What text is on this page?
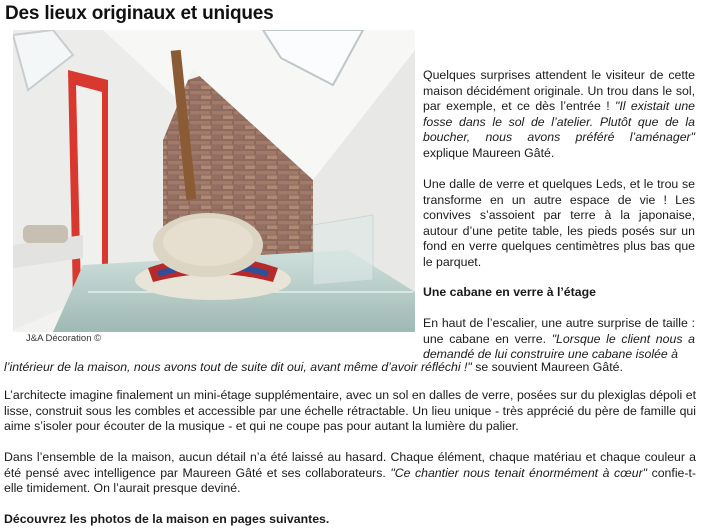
Des lieux originaux et uniques
J&A Décoration ©

Quelques surprises attendent le visiteur de cette maison décidément originale. Un trou dans le sol, par exemple, et ce dès l’entrée ! "Il existait une fosse dans le sol de l’atelier. Plutôt que de la boucher, nous avons préféré l’aménager" explique Maureen Gâté.

Une dalle de verre et quelques Leds, et le trou se transforme en un autre espace de vie ! Les convives s’assoient par terre à la japonaise, autour d’une petite table, les pieds posés sur un fond en verre quelques centimètres plus bas que le parquet.

Une cabane en verre à l’étage

En haut de l’escalier, une autre surprise de taille : une cabane en verre. "Lorsque le client nous a demandé de lui construire une cabane isolée à

l’intérieur de la maison, nous avons tout de suite dit oui, avant même d’avoir réfléchi !" se souvient Maureen Gâté.

L’architecte imagine finalement un mini-étage supplémentaire, avec un sol en dalles de verre, posées sur du plexiglas dépoli et lisse, construit sous les combles et accessible par une échelle rétractable. Un lieu unique - très apprécié du père de famille qui aime s’isoler pour écouter de la musique - et qui ne coupe pas pour autant la lumière du palier.

Dans l’ensemble de la maison, aucun détail n’a été laissé au hasard. Chaque élément, chaque matériau et chaque couleur a été pensé avec intelligence par Maureen Gâté et ses collaborateurs. "Ce chantier nous tenait énormément à cœur" confie-t-elle timidement. On l’aurait presque deviné.

Découvrez les photos de la maison en pages suivantes.
